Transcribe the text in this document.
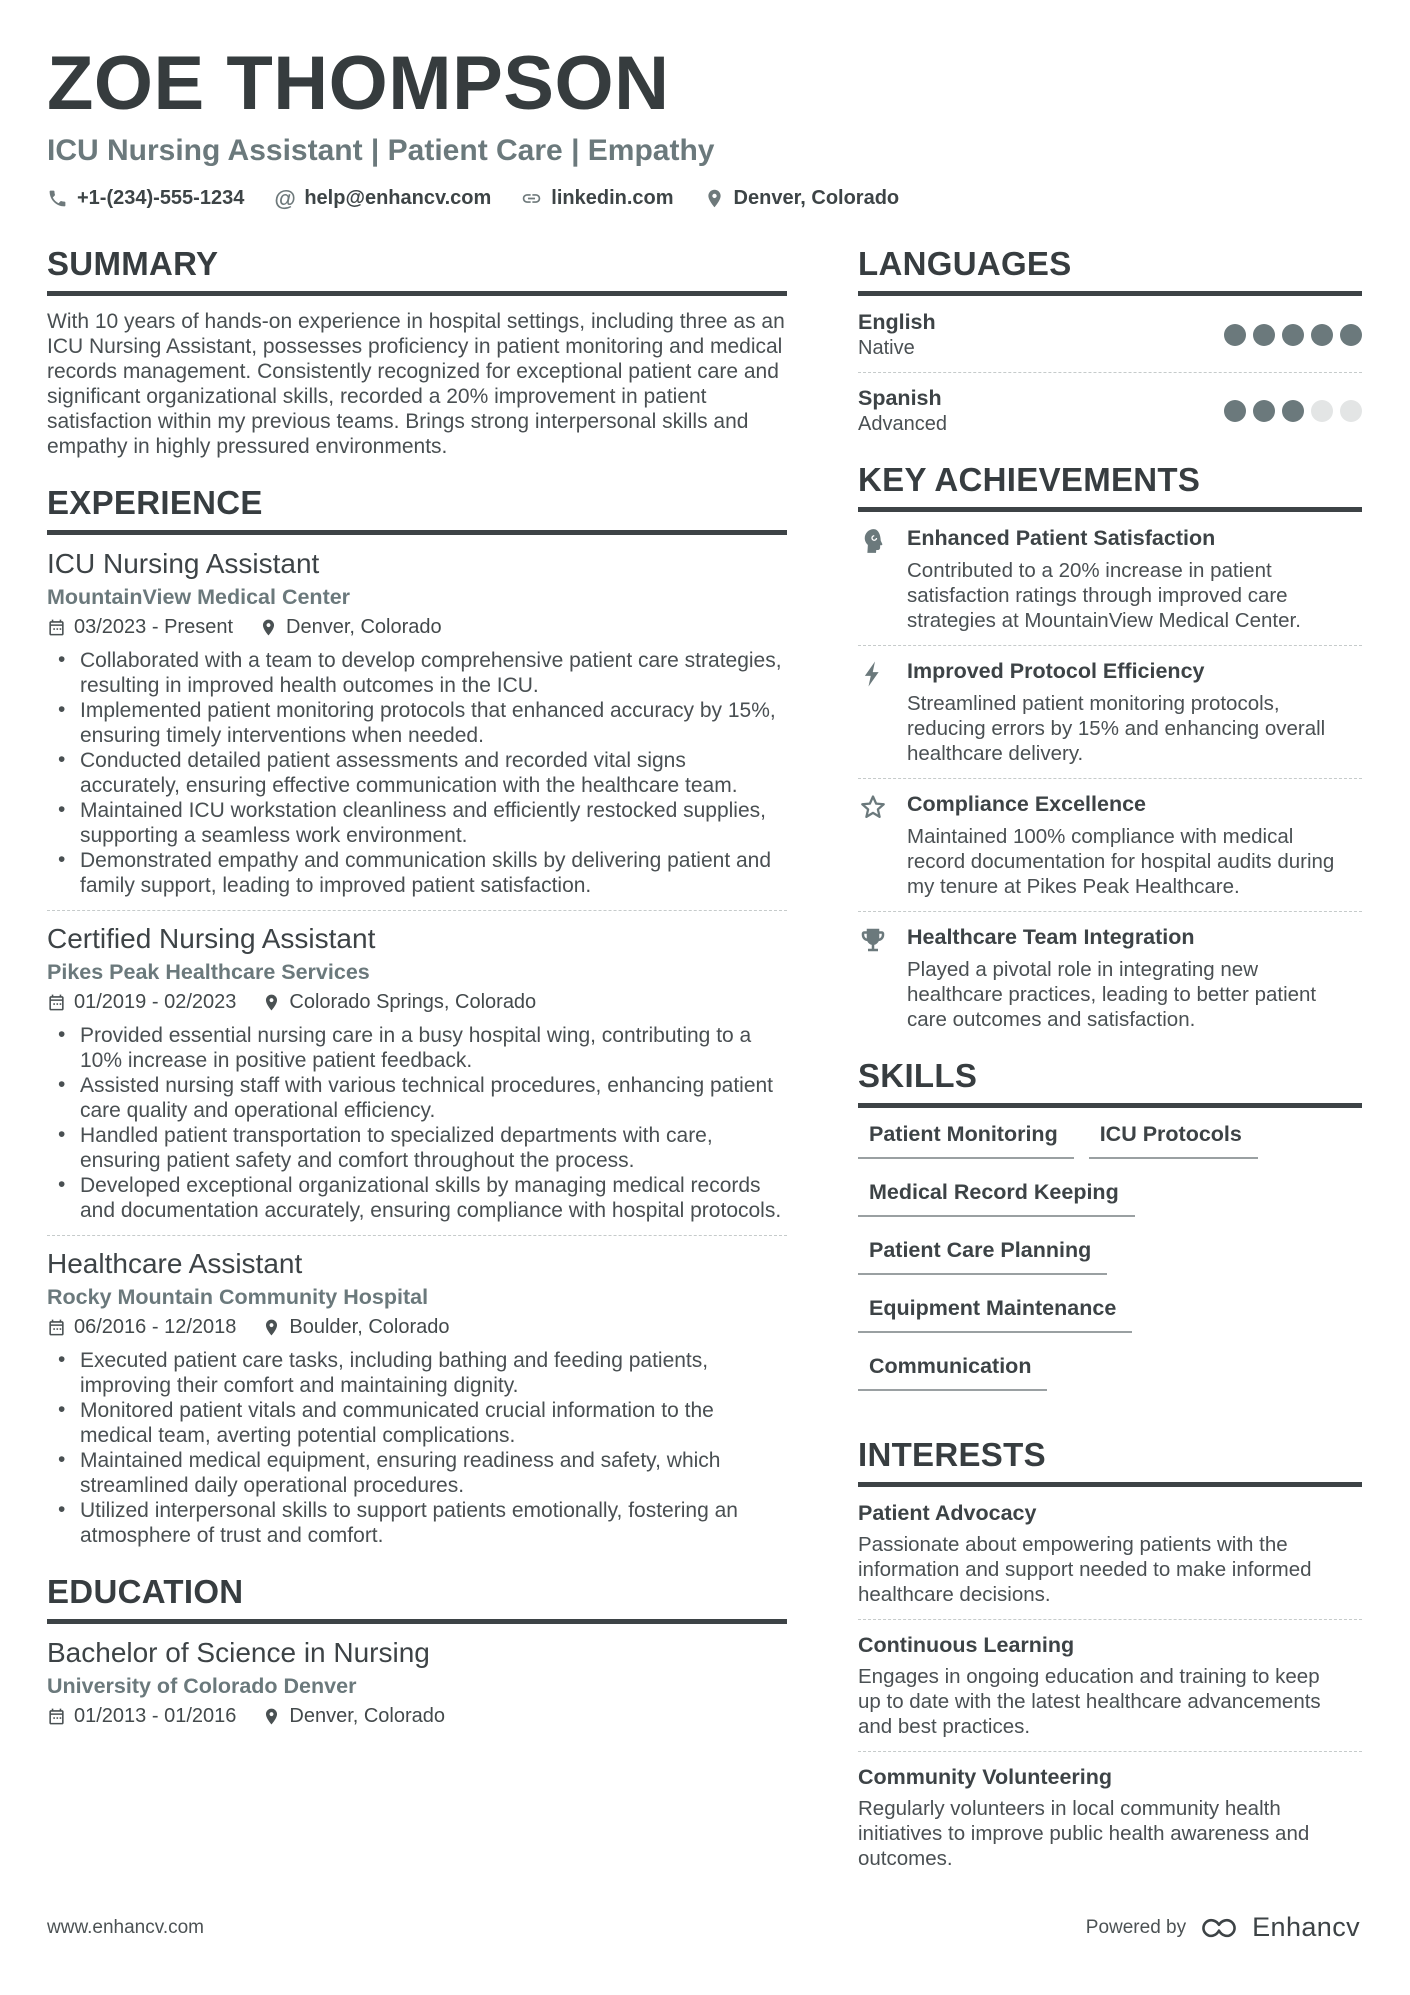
ZOE THOMPSON
ICU Nursing Assistant | Patient Care | Empathy
+1-(234)-555-1234 @ help@enhancv.com	linkedin.com	Denver, Colorado
SUMMARY

With 10 years of hands-on experience in hospital settings, including three as an ICU Nursing Assistant, possesses proficiency in patient monitoring and medical records management. Consistently recognized for exceptional patient care and significant organizational skills, recorded a 20% improvement in patient satisfaction within my previous teams. Brings strong interpersonal skills and empathy in highly pressured environments.

EXPERIENCE
ICU Nursing Assistant
MountainView Medical Center
03/2023 - Present	Denver, Colorado
• Collaborated with a team to develop comprehensive patient care strategies, resulting in improved health outcomes in the ICU.
• Implemented patient monitoring protocols that enhanced accuracy by 15%, ensuring timely interventions when needed.
• Conducted detailed patient assessments and recorded vital signs accurately, ensuring effective communication with the healthcare team.
• Maintained ICU workstation cleanliness and efficiently restocked supplies, supporting a seamless work environment.
• Demonstrated empathy and communication skills by delivering patient and family support, leading to improved patient satisfaction.
Certified Nursing Assistant
Pikes Peak Healthcare Services
01/2019 - 02/2023	Colorado Springs, Colorado
• Provided essential nursing care in a busy hospital wing, contributing to a 10% increase in positive patient feedback.
• Assisted nursing staff with various technical procedures, enhancing patient care quality and operational efficiency.
• Handled patient transportation to specialized departments with care, ensuring patient safety and comfort throughout the process.
• Developed exceptional organizational skills by managing medical records and documentation accurately, ensuring compliance with hospital protocols.
Healthcare Assistant
Rocky Mountain Community Hospital
06/2016 - 12/2018	Boulder, Colorado
• Executed patient care tasks, including bathing and feeding patients, improving their comfort and maintaining dignity.
• Monitored patient vitals and communicated crucial information to the medical team, averting potential complications.
• Maintained medical equipment, ensuring readiness and safety, which streamlined daily operational procedures.
• Utilized interpersonal skills to support patients emotionally, fostering an atmosphere of trust and comfort.
EDUCATION
Bachelor of Science in Nursing
University of Colorado Denver
01/2013 - 01/2016	Denver, Colorado
LANGUAGES
English
Native
Spanish
Advanced
KEY ACHIEVEMENTS
Enhanced Patient Satisfaction

Contributed to a 20% increase in patient satisfaction ratings through improved care strategies at MountainView Medical Center.

Improved Protocol Efficiency

Streamlined patient monitoring protocols, reducing errors by 15% and enhancing overall healthcare delivery.

Compliance Excellence

Maintained 100% compliance with medical record documentation for hospital audits during my tenure at Pikes Peak Healthcare.

Healthcare Team Integration

Played a pivotal role in integrating new healthcare practices, leading to better patient care outcomes and satisfaction.

SKILLS
Patient Monitoring	ICU Protocols
Medical Record Keeping
Patient Care Planning
Equipment Maintenance
Communication
INTERESTS
Patient Advocacy

Passionate about empowering patients with the information and support needed to make informed healthcare decisions.

Continuous Learning

Engages in ongoing education and training to keep up to date with the latest healthcare advancements and best practices.

Community Volunteering

Regularly volunteers in local community health initiatives to improve public health awareness and outcomes.

www.enhancv.com	Powered by Enhancv
